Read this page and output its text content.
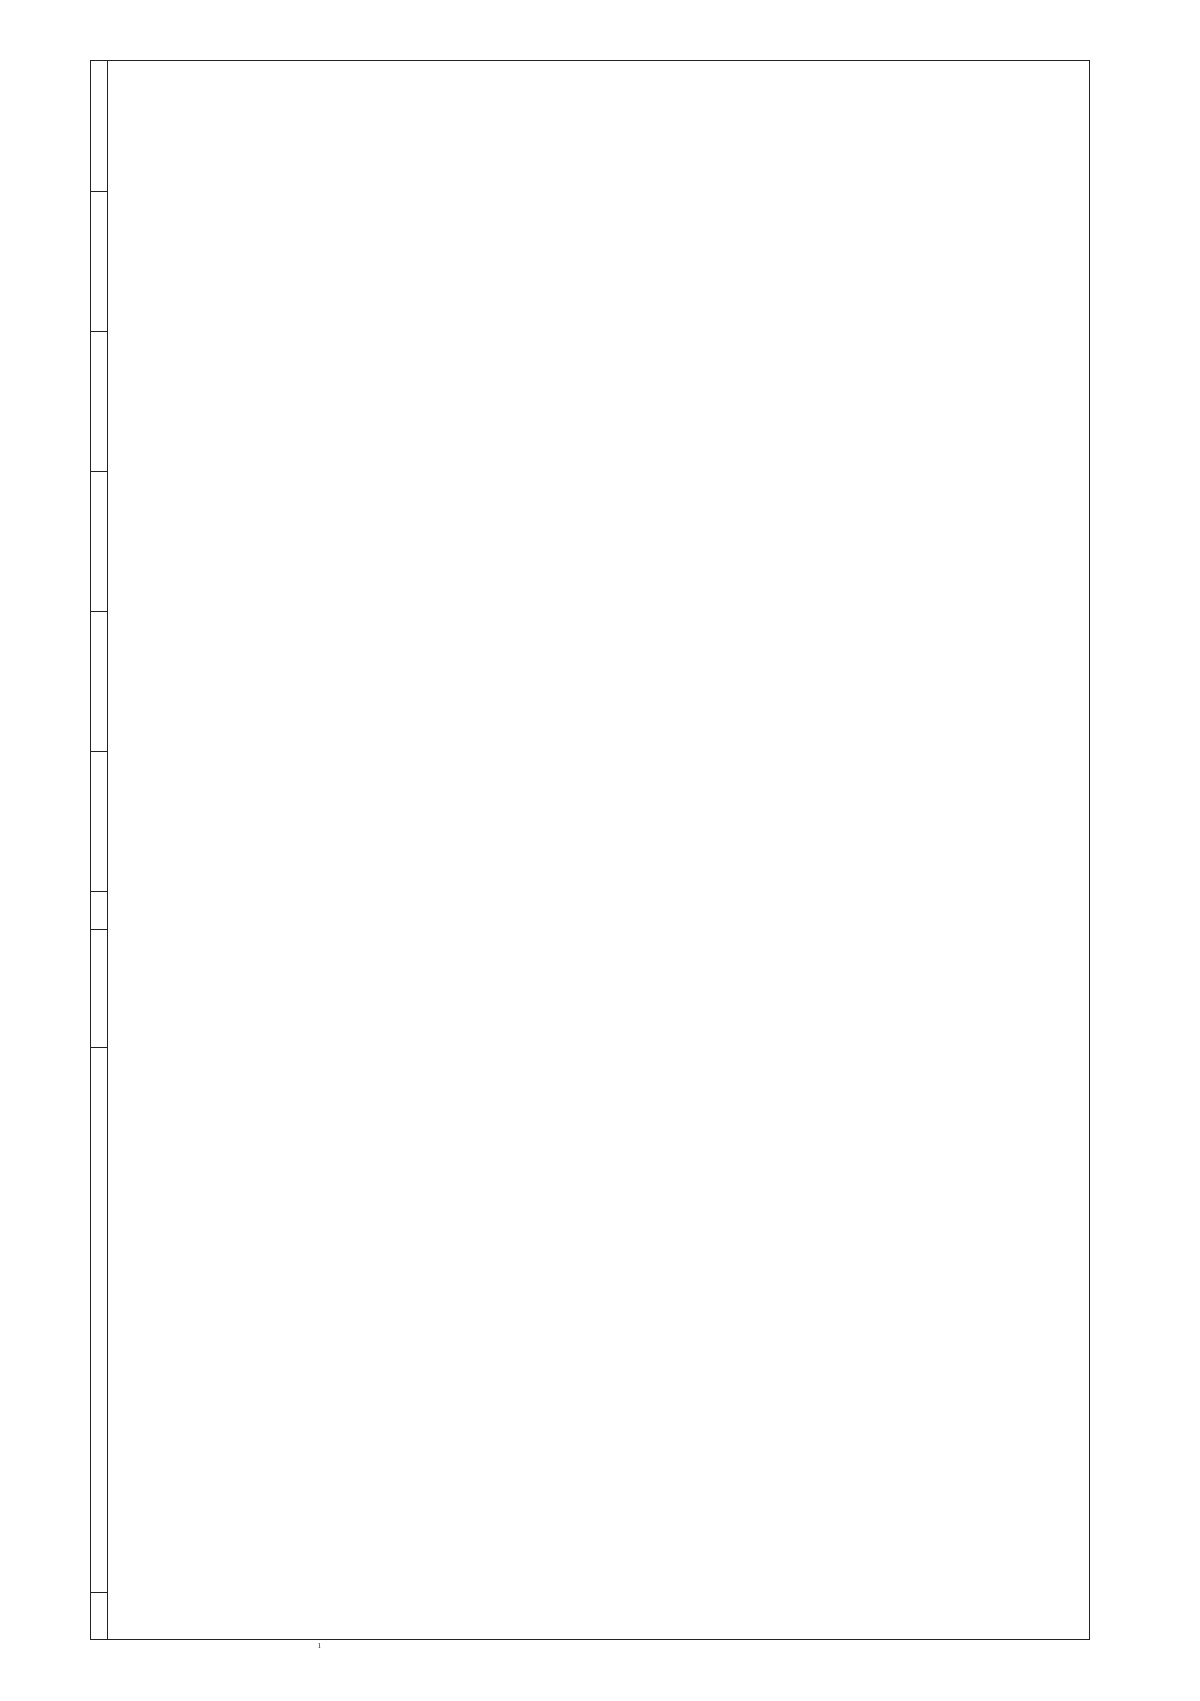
ı
